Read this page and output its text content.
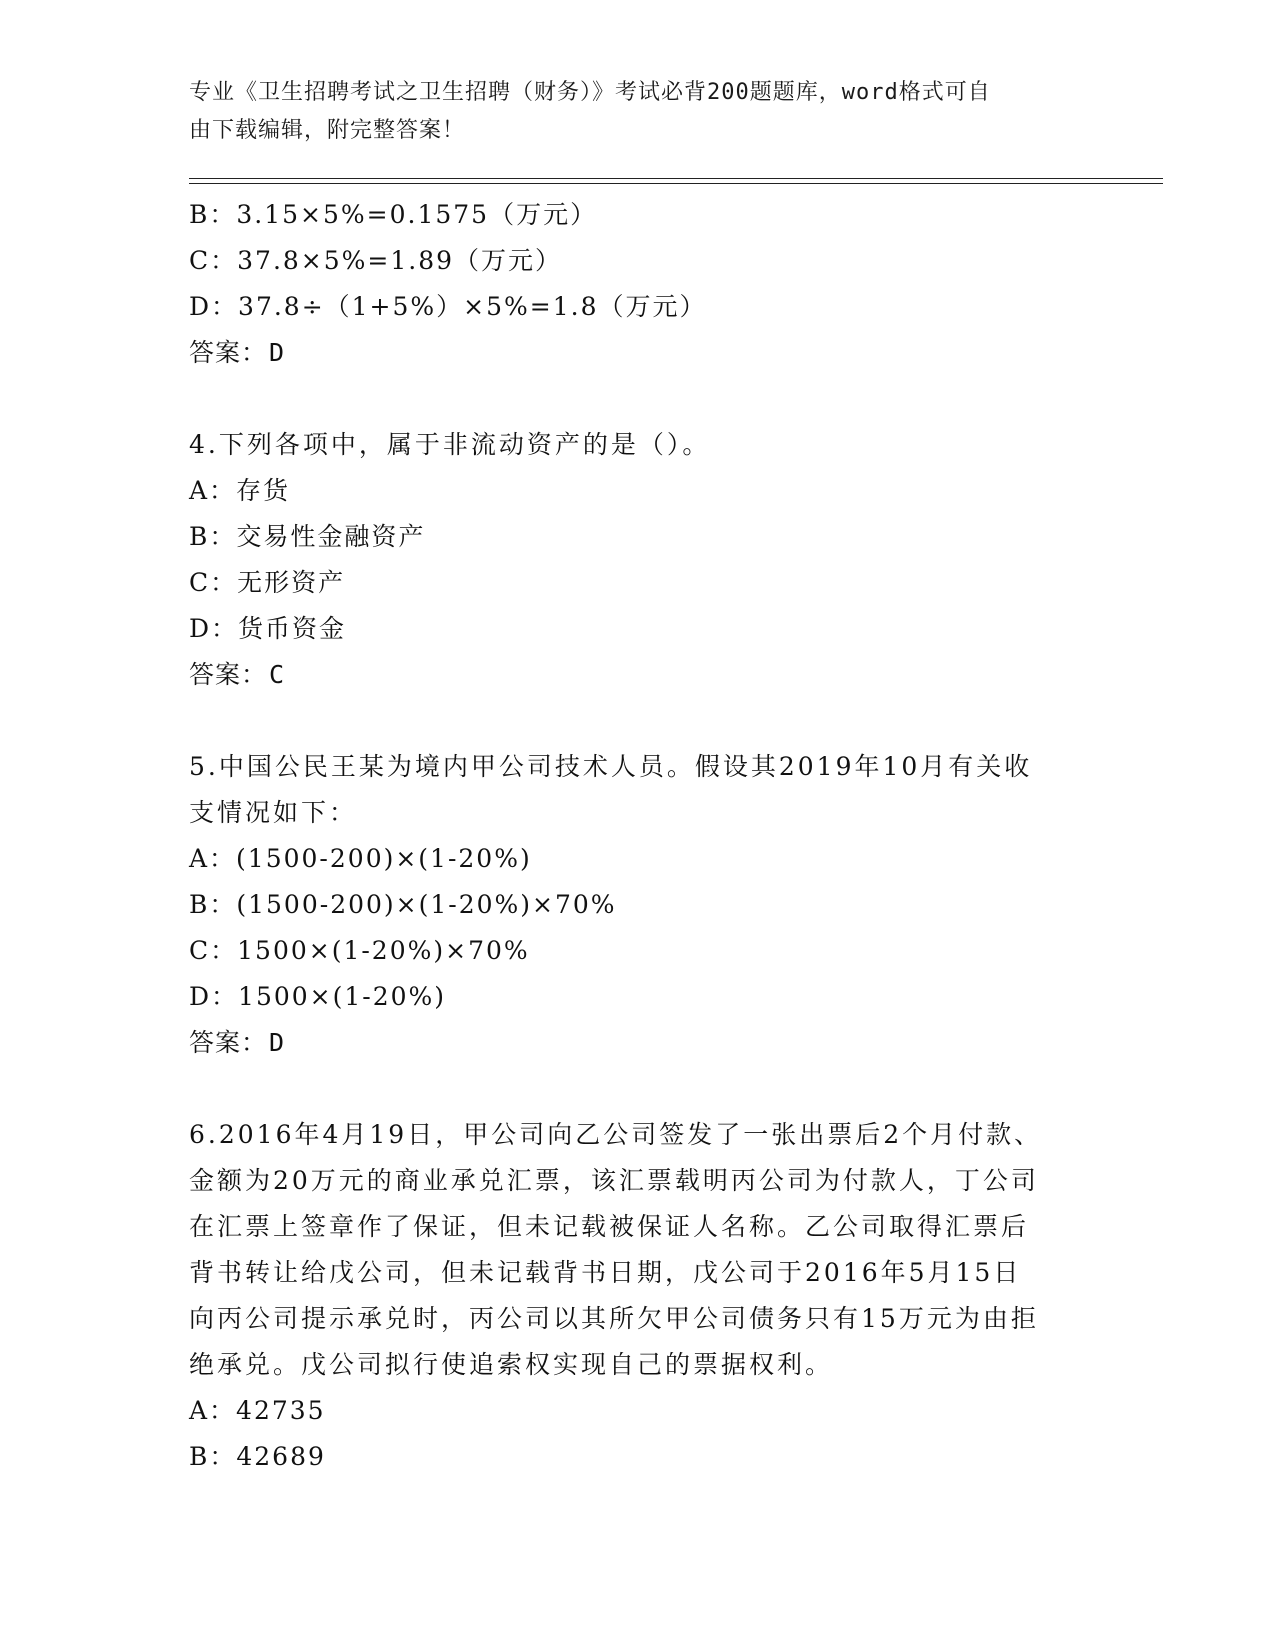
专业《卫生招聘考试之卫生招聘（财务）》考试必背200题题库，word格式可自
由下载编辑，附完整答案！
B：3.15×5%=0.1575（万元）
C：37.8×5%=1.89（万元）
D：37.8÷（1+5%）×5%=1.8（万元）
答案：D
4.下列各项中，属于非流动资产的是（）。
A：存货
B：交易性金融资产
C：无形资产
D：货币资金
答案：C
5.中国公民王某为境内甲公司技术人员。假设其2019年10月有关收
支情况如下：
A：(1500-200)×(1-20%)
B：(1500-200)×(1-20%)×70%
C：1500×(1-20%)×70%
D：1500×(1-20%)
答案：D
6.2016年4月19日，甲公司向乙公司签发了一张出票后2个月付款、
金额为20万元的商业承兑汇票，该汇票载明丙公司为付款人，丁公司
在汇票上签章作了保证，但未记载被保证人名称。乙公司取得汇票后
背书转让给戊公司，但未记载背书日期，戊公司于2016年5月15日
向丙公司提示承兑时，丙公司以其所欠甲公司债务只有15万元为由拒
绝承兑。戊公司拟行使追索权实现自己的票据权利。
A：42735
B：42689
